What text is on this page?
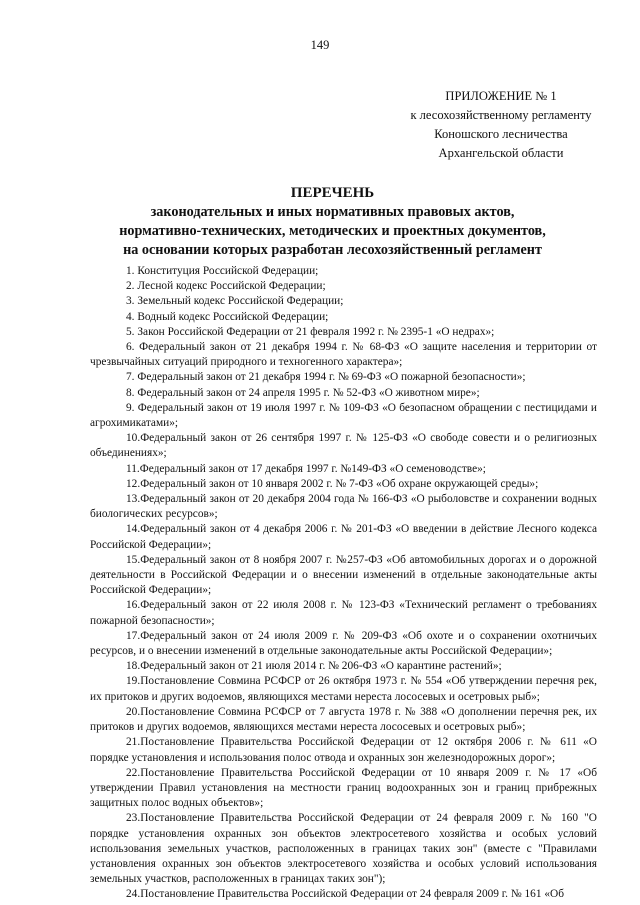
149
ПРИЛОЖЕНИЕ № 1
к лесохозяйственному регламенту
Коношского лесничества
Архангельской области
ПЕРЕЧЕНЬ
законодательных и иных нормативных правовых актов,
нормативно-технических, методических и проектных документов,
на основании которых разработан лесохозяйственный регламент

1. Конституция Российской Федерации;

2. Лесной кодекс Российской Федерации;

3. Земельный кодекс Российской Федерации;

4. Водный кодекс Российской Федерации;

5. Закон Российской Федерации от 21 февраля 1992 г. № 2395-1 «О недрах»;

6. Федеральный закон от 21 декабря 1994 г. № 68-ФЗ «О защите населения и территории от чрезвычайных ситуаций природного и техногенного характера»;

7. Федеральный закон от 21 декабря 1994 г. № 69-ФЗ «О пожарной безопасности»;

8. Федеральный закон от 24 апреля 1995 г. № 52-ФЗ «О животном мире»;

9. Федеральный закон от 19 июля 1997 г. № 109-ФЗ «О безопасном обращении с пестицидами и агрохимикатами»;

10.Федеральный закон от 26 сентября 1997 г. № 125-ФЗ «О свободе совести и о религиозных объединениях»;

11.Федеральный закон от 17 декабря 1997 г. №149-ФЗ «О семеноводстве»;

12.Федеральный закон от 10 января 2002 г. № 7-ФЗ «Об охране окружающей среды»;

13.Федеральный закон от 20 декабря 2004 года № 166-ФЗ «О рыболовстве и сохранении водных биологических ресурсов»;

14.Федеральный закон от 4 декабря 2006 г. № 201-ФЗ «О введении в действие Лесного кодекса Российской Федерации»;

15.Федеральный закон от 8 ноября 2007 г. №257-ФЗ «Об автомобильных дорогах и о дорожной деятельности в Российской Федерации и о внесении изменений в отдельные законодательные акты Российской Федерации»;

16.Федеральный закон от 22 июля 2008 г. № 123-ФЗ «Технический регламент о требованиях пожарной безопасности»;

17.Федеральный закон от 24 июля 2009 г. № 209-ФЗ «Об охоте и о сохранении охотничьих ресурсов, и о внесении изменений в отдельные законодательные акты Российской Федерации»;

18.Федеральный закон от 21 июля 2014 г. № 206-ФЗ «О карантине растений»;

19.Постановление Совмина РСФСР от 26 октября 1973 г. № 554 «Об утверждении перечня рек, их притоков и других водоемов, являющихся местами нереста лососевых и осетровых рыб»;

20.Постановление Совмина РСФСР от 7 августа 1978 г. № 388 «О дополнении перечня рек, их притоков и других водоемов, являющихся местами нереста лососевых и осетровых рыб»;

21.Постановление Правительства Российской Федерации от 12 октября 2006 г. № 611 «О порядке установления и использования полос отвода и охранных зон железнодорожных дорог»;

22.Постановление Правительства Российской Федерации от 10 января 2009 г. № 17 «Об утверждении Правил установления на местности границ водоохранных зон и границ прибрежных защитных полос водных объектов»;

23.Постановление Правительства Российской Федерации от 24 февраля 2009 г. № 160 "О порядке установления охранных зон объектов электросетевого хозяйства и особых условий использования земельных участков, расположенных в границах таких зон" (вместе с "Правилами установления охранных зон объектов электросетевого хозяйства и особых условий использования земельных участков, расположенных в границах таких зон");

24.Постановление Правительства Российской Федерации от 24 февраля 2009 г. № 161 «Об
